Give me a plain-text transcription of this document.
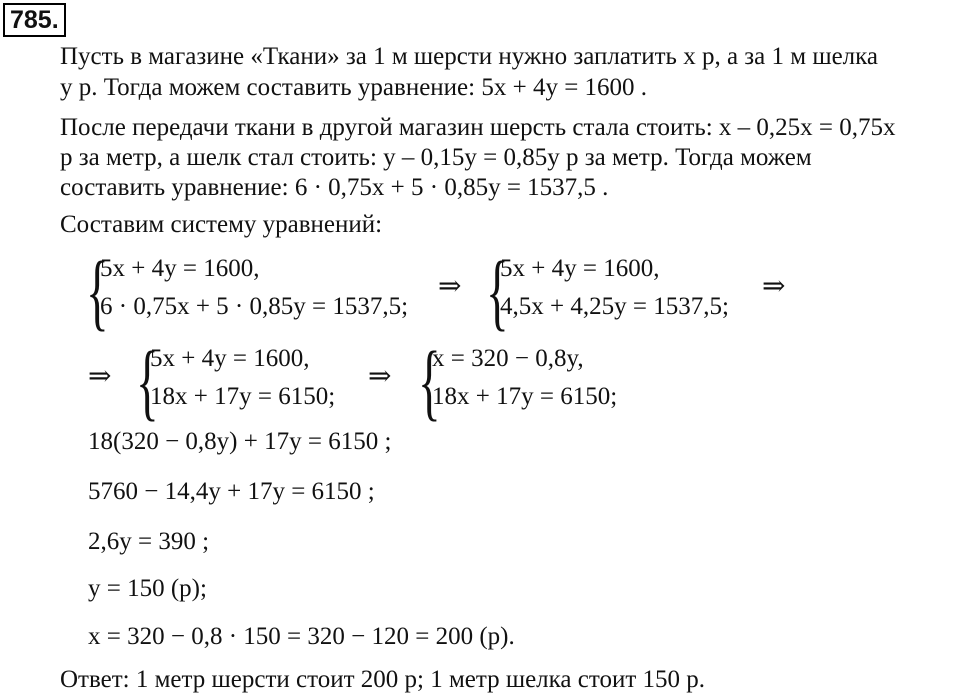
785.
Пусть в магазине «Ткани» за 1 м шерсти нужно заплатить x р, а за 1 м шелка
y р. Тогда можем составить уравнение: 5x + 4y = 1600 .
После передачи ткани в другой магазин шерсть стала стоить: x – 0,25x = 0,75x
р за метр, а шелк стал стоить: y – 0,15y = 0,85y р за метр. Тогда можем
составить уравнение: 6 · 0,75x + 5 · 0,85y = 1537,5 .
Составим систему уравнений:
{
5x + 4y = 1600,
6 · 0,75x + 5 · 0,85y = 1537,5;
⇒ {
5x + 4y = 1600,
4,5x + 4,25y = 1537,5;
⇒
⇒ {
5x + 4y = 1600,
18x + 17y = 6150;
⇒ {
x = 320 − 0,8y,
18x + 17y = 6150;
18(320 − 0,8y) + 17y = 6150 ;
5760 − 14,4y + 17y = 6150 ;
2,6y = 390 ;
y = 150 (р);
x = 320 − 0,8 · 150 = 320 − 120 = 200 (р).
Ответ: 1 метр шерсти стоит 200 р; 1 метр шелка стоит 150 р.
